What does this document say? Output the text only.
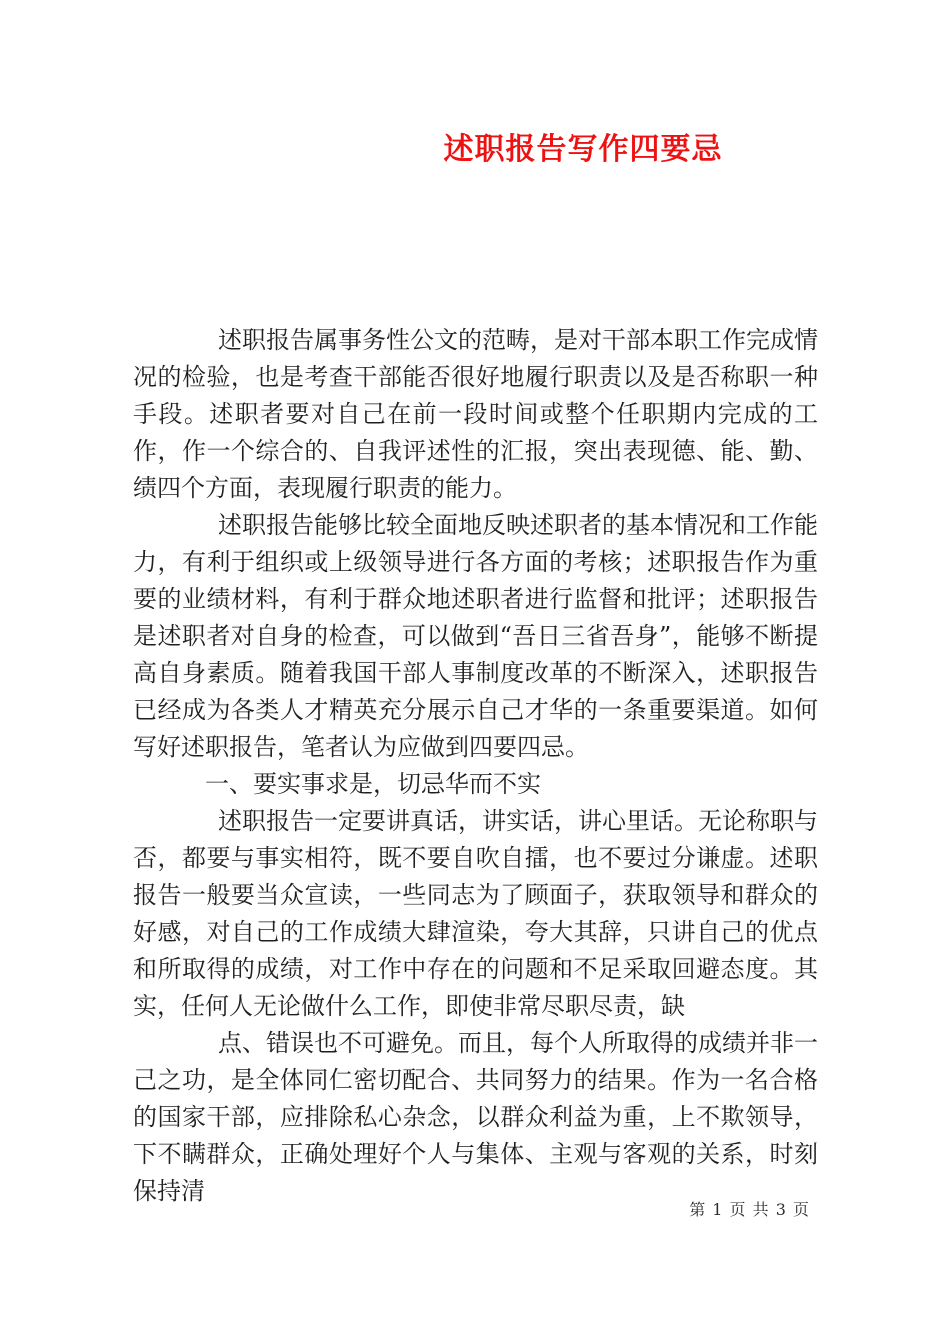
述职报告写作四要忌

述职报告属事务性公文的范畴，是对干部本职工作完成情况的检验，也是考查干部能否很好地履行职责以及是否称职一种手段。述职者要对自己在前一段时间或整个任职期内完成的工作，作一个综合的、自我评述性的汇报，突出表现德、能、勤、绩四个方面，表现履行职责的能力。

述职报告能够比较全面地反映述职者的基本情况和工作能力，有利于组织或上级领导进行各方面的考核；述职报告作为重要的业绩材料，有利于群众地述职者进行监督和批评；述职报告是述职者对自身的检查，可以做到“吾日三省吾身”，能够不断提高自身素质。随着我国干部人事制度改革的不断深入，述职报告已经成为各类人才精英充分展示自己才华的一条重要渠道。如何写好述职报告，笔者认为应做到四要四忌。

一、要实事求是，切忌华而不实

述职报告一定要讲真话，讲实话，讲心里话。无论称职与否，都要与事实相符，既不要自吹自擂，也不要过分谦虚。述职报告一般要当众宣读，一些同志为了顾面子，获取领导和群众的好感，对自己的工作成绩大肆渲染，夸大其辞，只讲自己的优点和所取得的成绩，对工作中存在的问题和不足采取回避态度。其实，任何人无论做什么工作，即使非常尽职尽责，缺

点、错误也不可避免。而且，每个人所取得的成绩并非一己之功，是全体同仁密切配合、共同努力的结果。作为一名合格的国家干部，应排除私心杂念，以群众利益为重，上不欺领导，下不瞒群众，正确处理好个人与集体、主观与客观的关系，时刻保持清

第 1 页 共 3 页
